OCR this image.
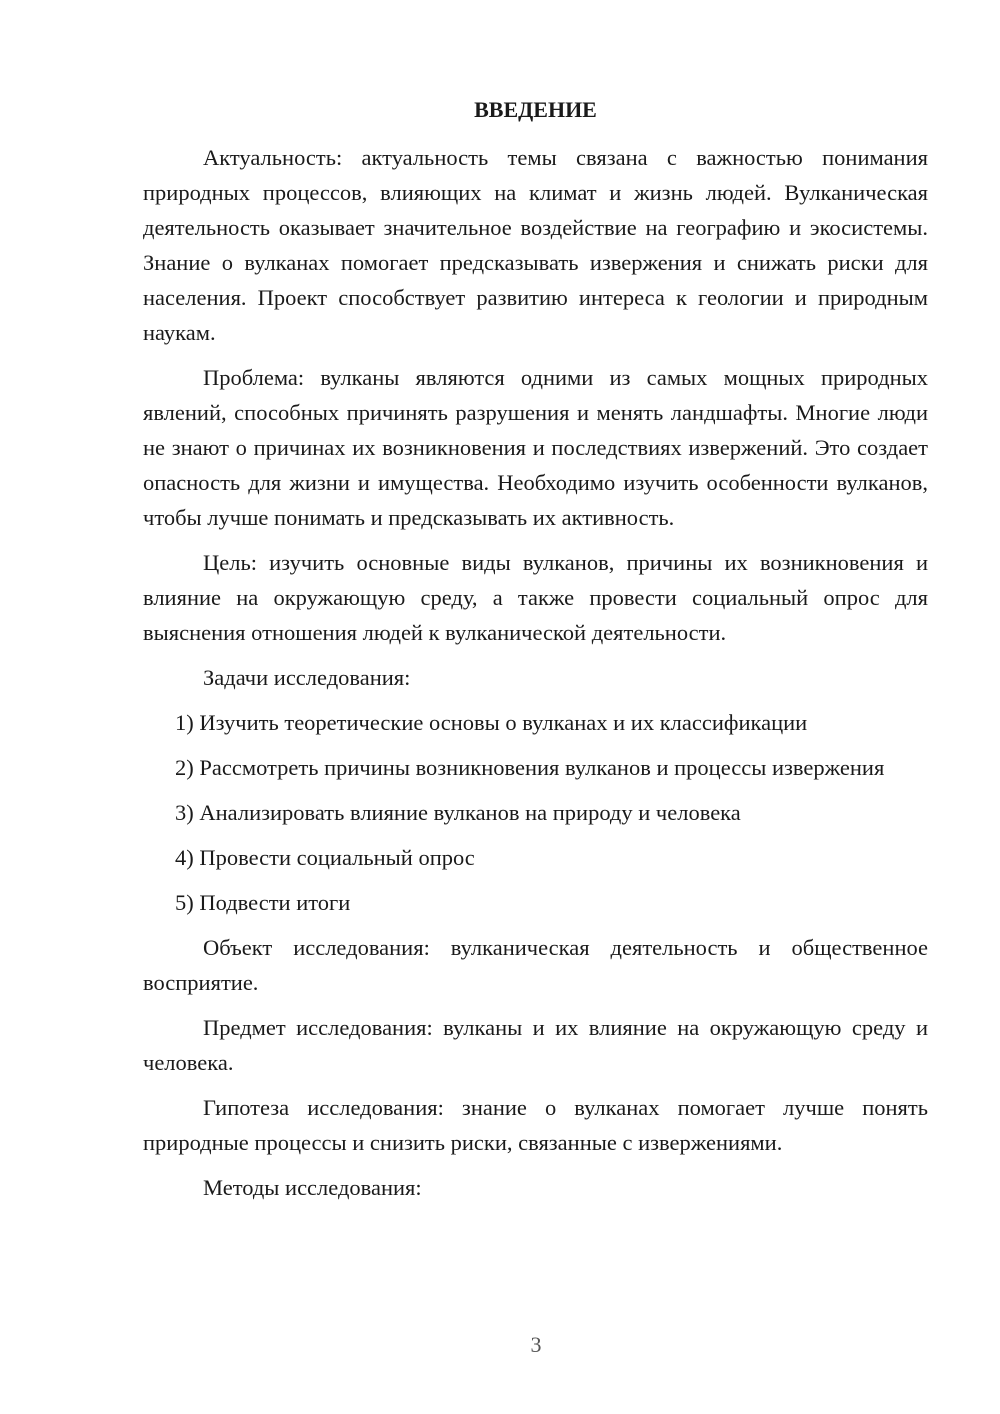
ВВЕДЕНИЕ

Актуальность: актуальность темы связана с важностью понимания природных процессов, влияющих на климат и жизнь людей. Вулканическая деятельность оказывает значительное воздействие на географию и экосистемы. Знание о вулканах помогает предсказывать извержения и снижать риски для населения. Проект способствует развитию интереса к геологии и природным наукам.

Проблема: вулканы являются одними из самых мощных природных явлений, способных причинять разрушения и менять ландшафты. Многие люди не знают о причинах их возникновения и последствиях извержений. Это создает опасность для жизни и имущества. Необходимо изучить особенности вулканов, чтобы лучше понимать и предсказывать их активность.

Цель: изучить основные виды вулканов, причины их возникновения и влияние на окружающую среду, а также провести социальный опрос для выяснения отношения людей к вулканической деятельности.

Задачи исследования:

1) Изучить теоретические основы о вулканах и их классификации

2) Рассмотреть причины возникновения вулканов и процессы извержения

3) Анализировать влияние вулканов на природу и человека

4) Провести социальный опрос

5) Подвести итоги

Объект исследования: вулканическая деятельность и общественное восприятие.

Предмет исследования: вулканы и их влияние на окружающую среду и человека.

Гипотеза исследования: знание о вулканах помогает лучше понять природные процессы и снизить риски, связанные с извержениями.

Методы исследования:

3
